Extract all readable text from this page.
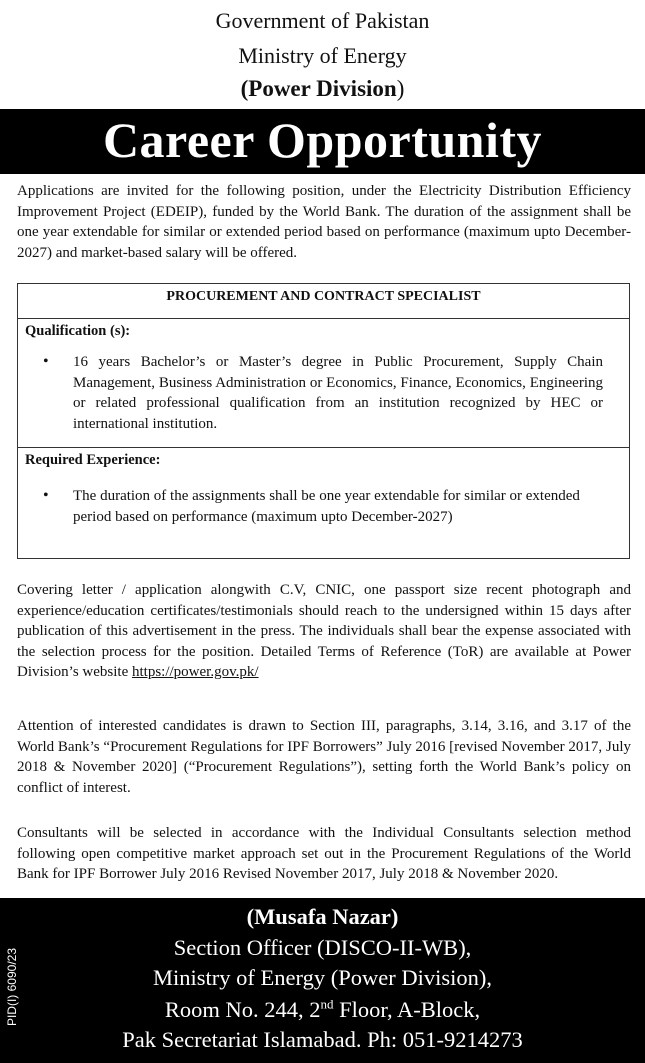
Government of Pakistan
Ministry of Energy
(Power Division)
Career Opportunity
Applications are invited for the following position, under the Electricity Distribution Efficiency Improvement Project (EDEIP), funded by the World Bank. The duration of the assignment shall be one year extendable for similar or extended period based on performance (maximum upto December-2027) and market-based salary will be offered.
PROCUREMENT AND CONTRACT SPECIALIST
Qualification (s):
• 16 years Bachelor’s or Master’s degree in Public Procurement, Supply Chain Management, Business Administration or Economics, Finance, Economics, Engineering or related professional qualification from an institution recognized by HEC or international institution.
Required Experience:
• The duration of the assignments shall be one year extendable for similar or extended period based on performance (maximum upto December-2027)
Covering letter / application alongwith C.V, CNIC, one passport size recent photograph and experience/education certificates/testimonials should reach to the undersigned within 15 days after publication of this advertisement in the press. The individuals shall bear the expense associated with the selection process for the position. Detailed Terms of Reference (ToR) are available at Power Division’s website https://power.gov.pk/
Attention of interested candidates is drawn to Section III, paragraphs, 3.14, 3.16, and 3.17 of the World Bank’s “Procurement Regulations for IPF Borrowers” July 2016 [revised November 2017, July 2018 & November 2020] (“Procurement Regulations”), setting forth the World Bank’s policy on conflict of interest.
Consultants will be selected in accordance with the Individual Consultants selection method following open competitive market approach set out in the Procurement Regulations of the World Bank for IPF Borrower July 2016 Revised November 2017, July 2018 & November 2020.
(Musafa Nazar)
Section Officer (DISCO-II-WB),
Ministry of Energy (Power Division),
Room No. 244, 2nd Floor, A-Block,
Pak Secretariat Islamabad. Ph: 051-9214273
PID(I) 6090/23
